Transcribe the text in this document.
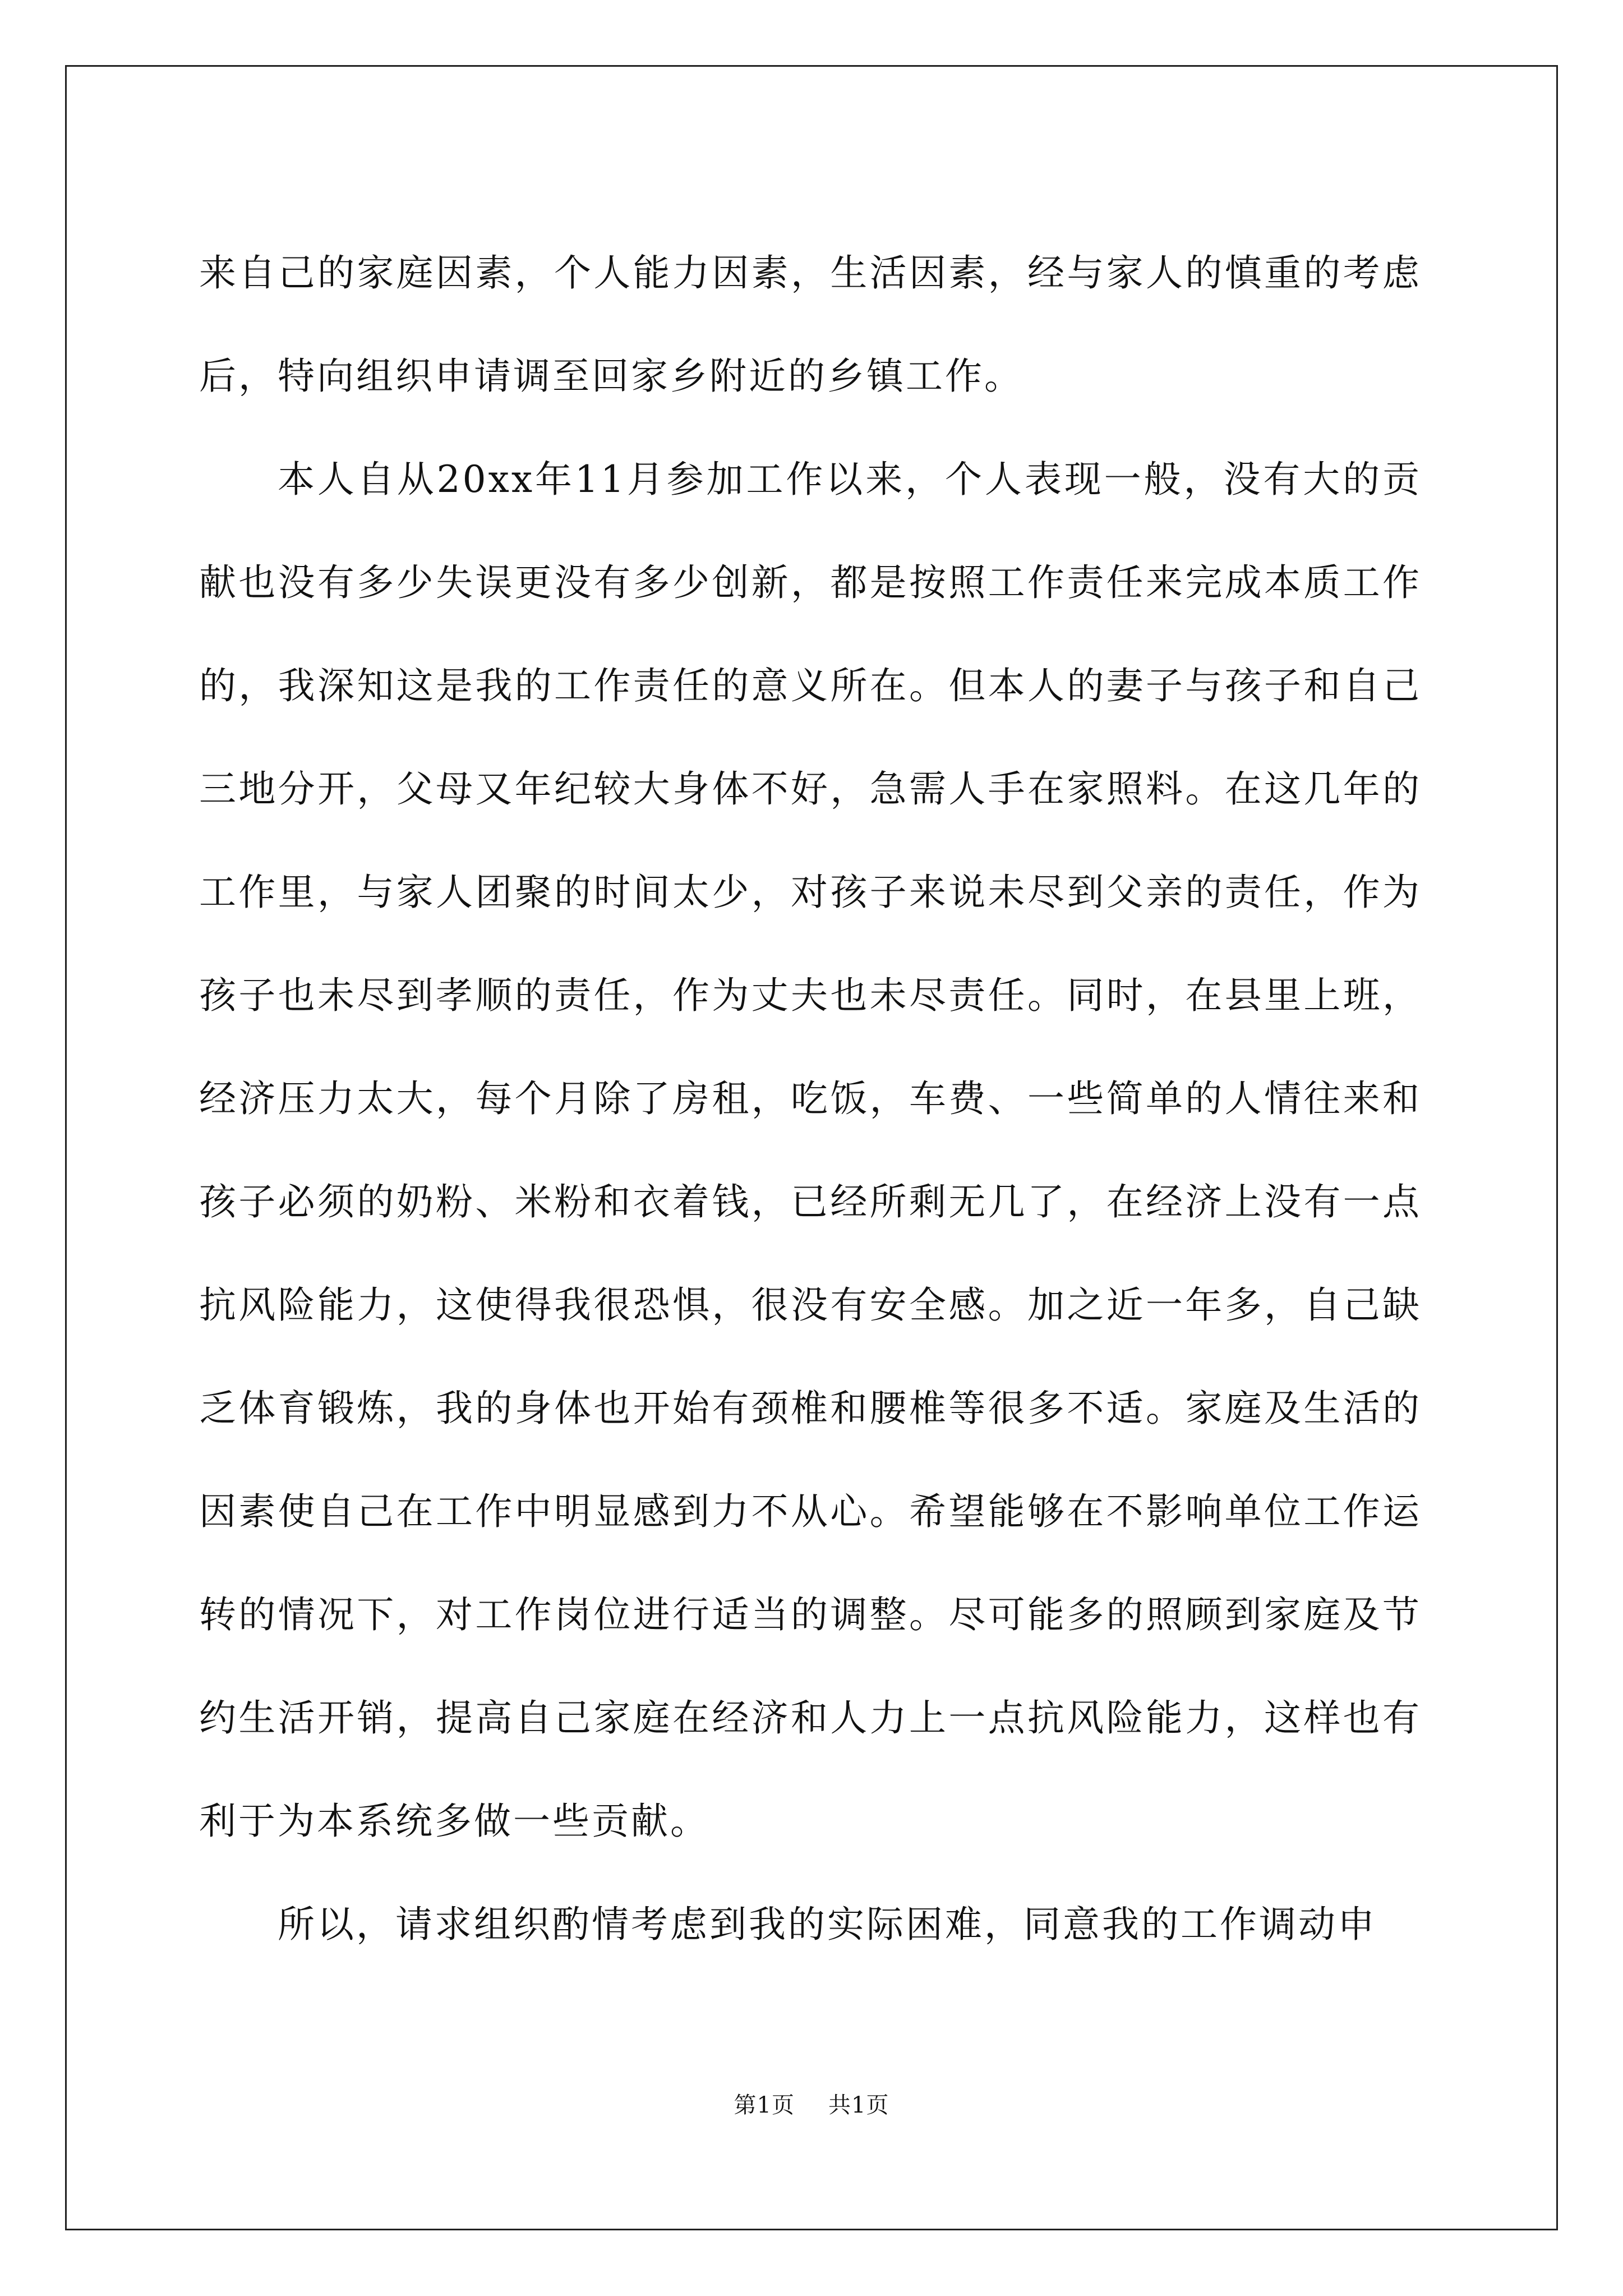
来自己的家庭因素，个人能力因素，生活因素，经与家人的慎重的考虑后，特向组织申请调至回家乡附近的乡镇工作。

本人自从20xx年11月参加工作以来，个人表现一般，没有大的贡献也没有多少失误更没有多少创新，都是按照工作责任来完成本质工作的，我深知这是我的工作责任的意义所在。但本人的妻子与孩子和自己三地分开，父母又年纪较大身体不好，急需人手在家照料。在这几年的工作里，与家人团聚的时间太少，对孩子来说未尽到父亲的责任，作为孩子也未尽到孝顺的责任，作为丈夫也未尽责任。同时，在县里上班，经济压力太大，每个月除了房租，吃饭，车费、一些简单的人情往来和孩子必须的奶粉、米粉和衣着钱，已经所剩无几了，在经济上没有一点抗风险能力，这使得我很恐惧，很没有安全感。加之近一年多，自己缺乏体育锻炼，我的身体也开始有颈椎和腰椎等很多不适。家庭及生活的因素使自己在工作中明显感到力不从心。希望能够在不影响单位工作运转的情况下，对工作岗位进行适当的调整。尽可能多的照顾到家庭及节约生活开销，提高自己家庭在经济和人力上一点抗风险能力，这样也有利于为本系统多做一些贡献。

所以，请求组织酌情考虑到我的实际困难，同意我的工作调动申

第1页 共1页
